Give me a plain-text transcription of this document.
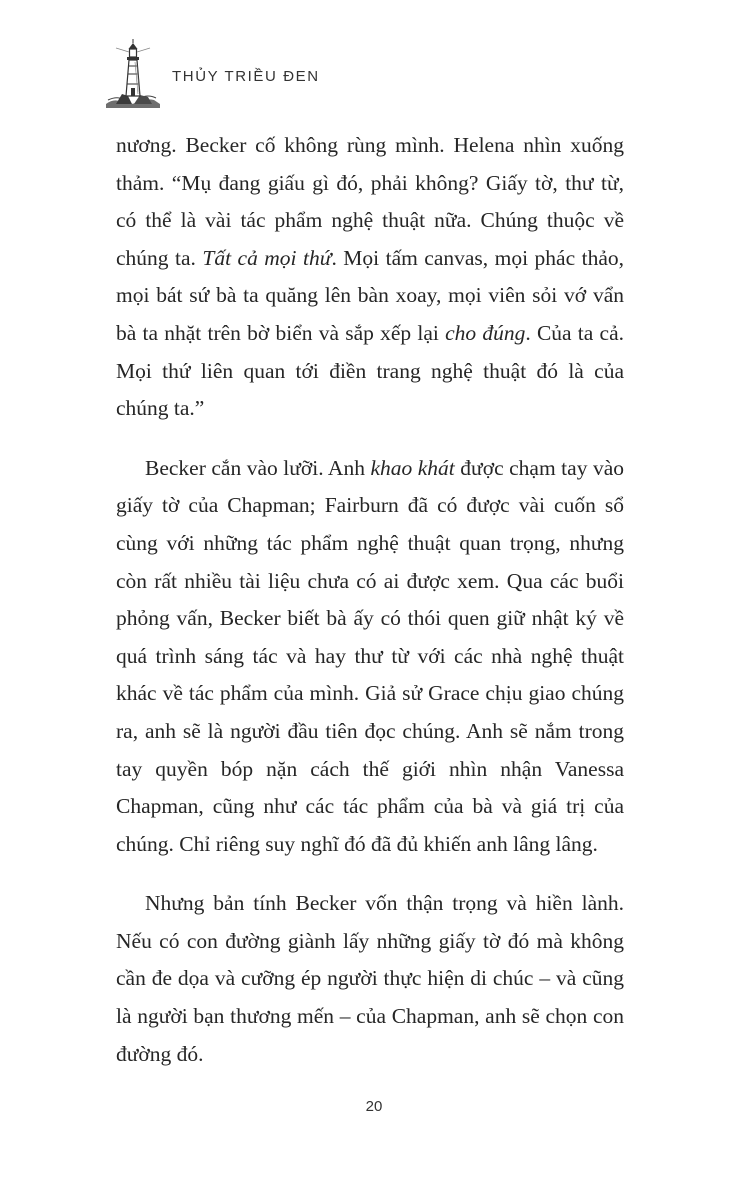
THỦY TRIỀU ĐEN

nương. Becker cố không rùng mình. Helena nhìn xuống thảm. “Mụ đang giấu gì đó, phải không? Giấy tờ, thư từ, có thể là vài tác phẩm nghệ thuật nữa. Chúng thuộc về chúng ta. Tất cả mọi thứ. Mọi tấm canvas, mọi phác thảo, mọi bát sứ bà ta quăng lên bàn xoay, mọi viên sỏi vớ vẩn bà ta nhặt trên bờ biển và sắp xếp lại cho đúng. Của ta cả. Mọi thứ liên quan tới điền trang nghệ thuật đó là của chúng ta.”

Becker cắn vào lưỡi. Anh khao khát được chạm tay vào giấy tờ của Chapman; Fairburn đã có được vài cuốn sổ cùng với những tác phẩm nghệ thuật quan trọng, nhưng còn rất nhiều tài liệu chưa có ai được xem. Qua các buổi phỏng vấn, Becker biết bà ấy có thói quen giữ nhật ký về quá trình sáng tác và hay thư từ với các nhà nghệ thuật khác về tác phẩm của mình. Giả sử Grace chịu giao chúng ra, anh sẽ là người đầu tiên đọc chúng. Anh sẽ nắm trong tay quyền bóp nặn cách thế giới nhìn nhận Vanessa Chapman, cũng như các tác phẩm của bà và giá trị của chúng. Chỉ riêng suy nghĩ đó đã đủ khiến anh lâng lâng.

Nhưng bản tính Becker vốn thận trọng và hiền lành. Nếu có con đường giành lấy những giấy tờ đó mà không cần đe dọa và cưỡng ép người thực hiện di chúc – và cũng là người bạn thương mến – của Chapman, anh sẽ chọn con đường đó.

20
